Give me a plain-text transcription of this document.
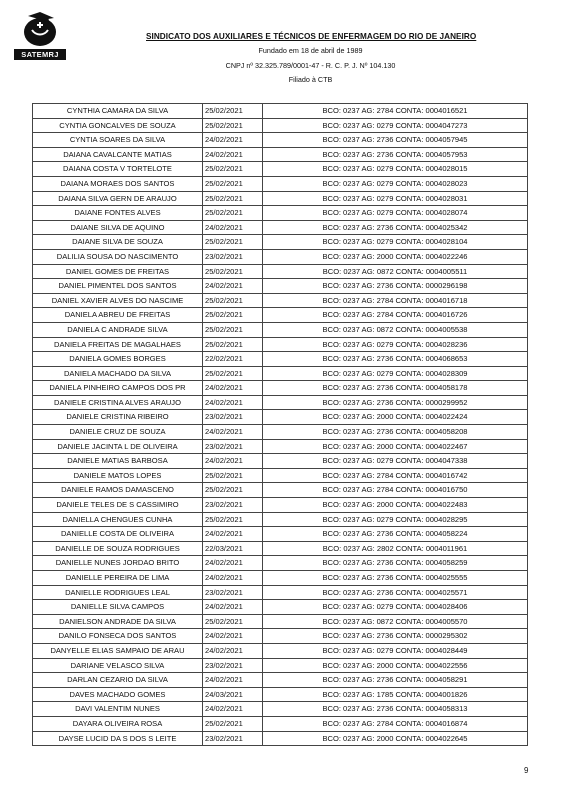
SATEMRJ
SINDICATO DOS AUXILIARES E TÉCNICOS DE ENFERMAGEM DO RIO DE JANEIRO
Fundado em 18 de abril de 1989
CNPJ nº 32.325.789/0001-47 - R. C. P. J. Nº 104.130
Filiado à CTB
CYNTHIA CAMARA DA SILVA	25/02/2021	BCO: 0237 AG: 2784 CONTA: 0004016521
CYNTIA GONCALVES DE SOUZA	25/02/2021	BCO: 0237 AG: 0279 CONTA: 0004047273
CYNTIA SOARES DA SILVA	24/02/2021	BCO: 0237 AG: 2736 CONTA: 0004057945
DAIANA CAVALCANTE MATIAS	24/02/2021	BCO: 0237 AG: 2736 CONTA: 0004057953
DAIANA COSTA V TORTELOTE	25/02/2021	BCO: 0237 AG: 0279 CONTA: 0004028015
DAIANA MORAES DOS SANTOS	25/02/2021	BCO: 0237 AG: 0279 CONTA: 0004028023
DAIANA SILVA GERN DE ARAUJO	25/02/2021	BCO: 0237 AG: 0279 CONTA: 0004028031
DAIANE FONTES ALVES	25/02/2021	BCO: 0237 AG: 0279 CONTA: 0004028074
DAIANE SILVA DE AQUINO	24/02/2021	BCO: 0237 AG: 2736 CONTA: 0004025342
DAIANE SILVA DE SOUZA	25/02/2021	BCO: 0237 AG: 0279 CONTA: 0004028104
DALILIA SOUSA DO NASCIMENTO	23/02/2021	BCO: 0237 AG: 2000 CONTA: 0004022246
DANIEL GOMES DE FREITAS	25/02/2021	BCO: 0237 AG: 0872 CONTA: 0004005511
DANIEL PIMENTEL DOS SANTOS	24/02/2021	BCO: 0237 AG: 2736 CONTA: 0000296198
DANIEL XAVIER ALVES DO NASCIME	25/02/2021	BCO: 0237 AG: 2784 CONTA: 0004016718
DANIELA ABREU DE FREITAS	25/02/2021	BCO: 0237 AG: 2784 CONTA: 0004016726
DANIELA C ANDRADE SILVA	25/02/2021	BCO: 0237 AG: 0872 CONTA: 0004005538
DANIELA FREITAS DE MAGALHAES	25/02/2021	BCO: 0237 AG: 0279 CONTA: 0004028236
DANIELA GOMES BORGES	22/02/2021	BCO: 0237 AG: 2736 CONTA: 0004068653
DANIELA MACHADO DA SILVA	25/02/2021	BCO: 0237 AG: 0279 CONTA: 0004028309
DANIELA PINHEIRO CAMPOS DOS PR	24/02/2021	BCO: 0237 AG: 2736 CONTA: 0004058178
DANIELE CRISTINA ALVES ARAUJO	24/02/2021	BCO: 0237 AG: 2736 CONTA: 0000299952
DANIELE CRISTINA RIBEIRO	23/02/2021	BCO: 0237 AG: 2000 CONTA: 0004022424
DANIELE CRUZ DE SOUZA	24/02/2021	BCO: 0237 AG: 2736 CONTA: 0004058208
DANIELE JACINTA L DE OLIVEIRA	23/02/2021	BCO: 0237 AG: 2000 CONTA: 0004022467
DANIELE MATIAS BARBOSA	24/02/2021	BCO: 0237 AG: 0279 CONTA: 0004047338
DANIELE MATOS LOPES	25/02/2021	BCO: 0237 AG: 2784 CONTA: 0004016742
DANIELE RAMOS DAMASCENO	25/02/2021	BCO: 0237 AG: 2784 CONTA: 0004016750
DANIELE TELES DE S CASSIMIRO	23/02/2021	BCO: 0237 AG: 2000 CONTA: 0004022483
DANIELLA CHENGUES CUNHA	25/02/2021	BCO: 0237 AG: 0279 CONTA: 0004028295
DANIELLE COSTA DE OLIVEIRA	24/02/2021	BCO: 0237 AG: 2736 CONTA: 0004058224
DANIELLE DE SOUZA RODRIGUES	22/03/2021	BCO: 0237 AG: 2802 CONTA: 0004011961
DANIELLE NUNES JORDAO BRITO	24/02/2021	BCO: 0237 AG: 2736 CONTA: 0004058259
DANIELLE PEREIRA DE LIMA	24/02/2021	BCO: 0237 AG: 2736 CONTA: 0004025555
DANIELLE RODRIGUES LEAL	23/02/2021	BCO: 0237 AG: 2736 CONTA: 0004025571
DANIELLE SILVA CAMPOS	24/02/2021	BCO: 0237 AG: 0279 CONTA: 0004028406
DANIELSON ANDRADE DA SILVA	25/02/2021	BCO: 0237 AG: 0872 CONTA: 0004005570
DANILO FONSECA DOS SANTOS	24/02/2021	BCO: 0237 AG: 2736 CONTA: 0000295302
DANYELLE ELIAS SAMPAIO DE ARAU	24/02/2021	BCO: 0237 AG: 0279 CONTA: 0004028449
DARIANE VELASCO SILVA	23/02/2021	BCO: 0237 AG: 2000 CONTA: 0004022556
DARLAN CEZARIO DA SILVA	24/02/2021	BCO: 0237 AG: 2736 CONTA: 0004058291
DAVES MACHADO GOMES	24/03/2021	BCO: 0237 AG: 1785 CONTA: 0004001826
DAVI VALENTIM NUNES	24/02/2021	BCO: 0237 AG: 2736 CONTA: 0004058313
DAYARA OLIVEIRA ROSA	25/02/2021	BCO: 0237 AG: 2784 CONTA: 0004016874
DAYSE LUCID DA S DOS S LEITE	23/02/2021	BCO: 0237 AG: 2000 CONTA: 0004022645
9
